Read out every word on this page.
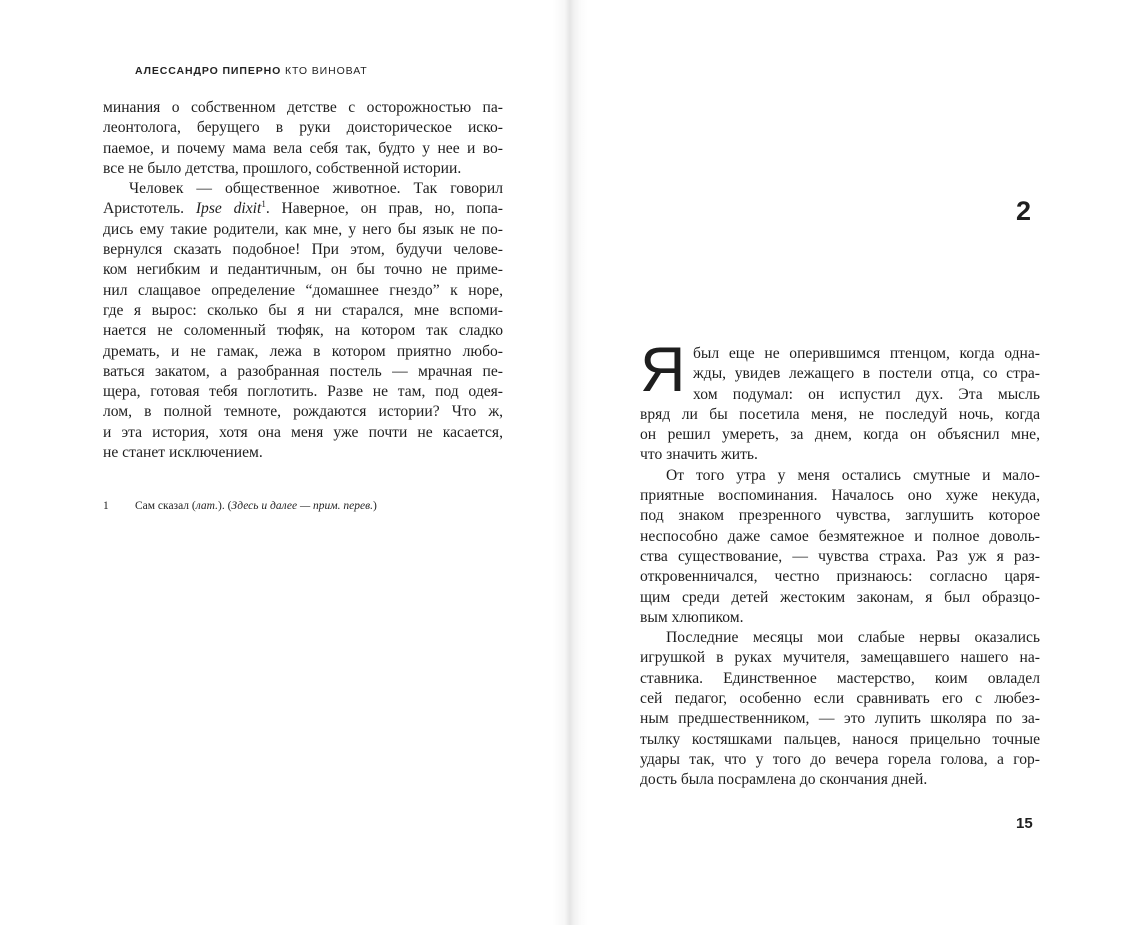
АЛЕССАНДРО ПИПЕРНО КТО ВИНОВАТ
минания о собственном детстве с осторожностью па-
леонтолога, берущего в руки доисторическое иско-
паемое, и почему мама вела себя так, будто у нее и во-
все не было детства, прошлого, собственной истории.
Человек — общественное животное. Так говорил
Аристотель. Ipse dixit$^1$. Наверное, он прав, но, попа-
дись ему такие родители, как мне, у него бы язык не по-
вернулся сказать подобное! При этом, будучи челове-
ком негибким и педантичным, он бы точно не приме-
нил слащавое определение “домашнее гнездо” к норе,
где я вырос: сколько бы я ни старался, мне вспоми-
нается не соломенный тюфяк, на котором так сладко
дремать, и не гамак, лежа в котором приятно любо-
ваться закатом, а разобранная постель — мрачная пе-
щера, готовая тебя поглотить. Разве не там, под одея-
лом, в полной темноте, рождаются истории? Что ж,
и эта история, хотя она меня уже почти не касается,
не станет исключением.
1 Сам сказал (лат.). (Здесь и далее — прим. перев.)
2
Я был еще не оперившимся птенцом, когда одна-
жды, увидев лежащего в постели отца, со стра-
хом подумал: он испустил дух. Эта мысль
вряд ли бы посетила меня, не последуй ночь, когда
он решил умереть, за днем, когда он объяснил мне,
что значить жить.
От того утра у меня остались смутные и мало-
приятные воспоминания. Началось оно хуже некуда,
под знаком презренного чувства, заглушить которое
неспособно даже самое безмятежное и полное доволь-
ства существование, — чувства страха. Раз уж я раз-
откровенничался, честно признаюсь: согласно царя-
щим среди детей жестоким законам, я был образцо-
вым хлюпиком.
Последние месяцы мои слабые нервы оказались
игрушкой в руках мучителя, замещавшего нашего на-
ставника. Единственное мастерство, коим овладел
сей педагог, особенно если сравнивать его с любез-
ным предшественником, — это лупить школяра по за-
тылку костяшками пальцев, нанося прицельно точные
удары так, что у того до вечера горела голова, а гор-
дость была посрамлена до скончания дней.
15
